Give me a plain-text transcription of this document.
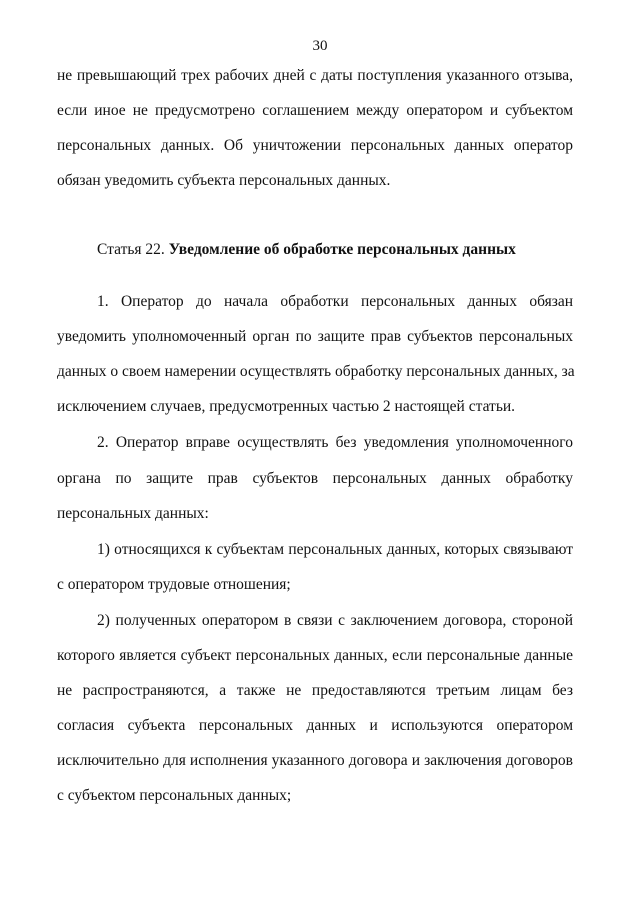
30
не превышающий трех рабочих дней с даты поступления указанного отзыва,
если иное не предусмотрено соглашением между оператором и субъектом
персональных данных. Об уничтожении персональных данных оператор
обязан уведомить субъекта персональных данных.
Статья 22. Уведомление об обработке персональных данных
1. Оператор до начала обработки персональных данных обязан
уведомить уполномоченный орган по защите прав субъектов персональных
данных о своем намерении осуществлять обработку персональных данных, за
исключением случаев, предусмотренных частью 2 настоящей статьи.
2. Оператор вправе осуществлять без уведомления уполномоченного
органа по защите прав субъектов персональных данных обработку
персональных данных:
1) относящихся к субъектам персональных данных, которых связывают
с оператором трудовые отношения;
2) полученных оператором в связи с заключением договора, стороной
которого является субъект персональных данных, если персональные данные
не распространяются, а также не предоставляются третьим лицам без
согласия субъекта персональных данных и используются оператором
исключительно для исполнения указанного договора и заключения договоров
с субъектом персональных данных;
